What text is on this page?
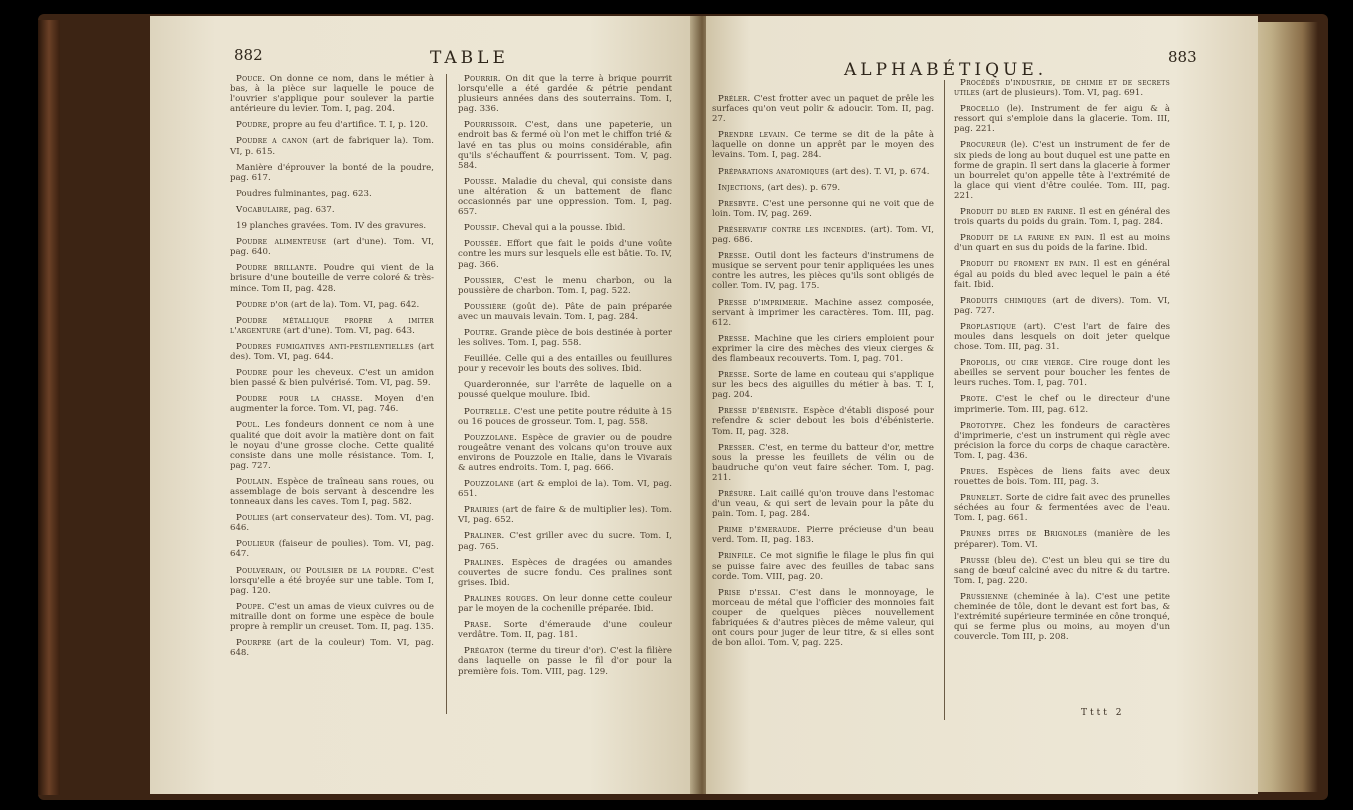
882	TABLE

Pouce. On donne ce nom, dans le métier à bas, à la pièce sur laquelle le pouce de l'ouvrier s'applique pour soulever la partie antérieure du levier. Tom. I, pag. 204.

Poudre, propre au feu d'artifice. T. I, p. 120.

Poudre a canon (art de fabriquer la). Tom. VI, p. 615.

Manière d'éprouver la bonté de la poudre, pag. 617.

Poudres fulminantes, pag. 623.

Vocabulaire, pag. 637.

19 planches gravées. Tom. IV des gravures.

Poudre alimenteuse (art d'une). Tom. VI, pag. 640.

Poudre brillante. Poudre qui vient de la brisure d'une bouteille de verre coloré & très-mince. Tom II, pag. 428.

Poudre d'or (art de la). Tom. VI, pag. 642.

Poudre métallique propre a imiter l'argenture (art d'une). Tom. VI, pag. 643.

Poudres fumigatives anti-pestilentielles (art des). Tom. VI, pag. 644.

Poudre pour les cheveux. C'est un amidon bien passé & bien pulvérisé. Tom. VI, pag. 59.

Poudre pour la chasse. Moyen d'en augmenter la force. Tom. VI, pag. 746.

Poul. Les fondeurs donnent ce nom à une qualité que doit avoir la matière dont on fait le noyau d'une grosse cloche. Cette qualité consiste dans une molle résistance. Tom. I, pag. 727.

Poulain. Espèce de traîneau sans roues, ou assemblage de bois servant à descendre les tonneaux dans les caves. Tom I, pag. 582.

Poulies (art conservateur des). Tom. VI, pag. 646.

Poulieur (faiseur de poulies). Tom. VI, pag. 647.

Poulverain, ou Poulsier de la poudre. C'est lorsqu'elle a été broyée sur une table. Tom I, pag. 120.

Poupe. C'est un amas de vieux cuivres ou de mitraille dont on forme une espèce de boule propre à remplir un creuset. Tom. II, pag. 135.

Pourpre (art de la couleur) Tom. VI, pag. 648.

Pourrir. On dit que la terre à brique pourrit lorsqu'elle a été gardée & pétrie pendant plusieurs années dans des souterrains. Tom. I, pag. 336.

Pourrissoir. C'est, dans une papeterie, un endroit bas & fermé où l'on met le chiffon trié & lavé en tas plus ou moins considérable, afin qu'ils s'échauffent & pourrissent. Tom. V, pag. 584.

Pousse. Maladie du cheval, qui consiste dans une altération & un battement de flanc occasionnés par une oppression. Tom. I, pag. 657.

Poussif. Cheval qui a la pousse. Ibid.

Poussée. Effort que fait le poids d'une voûte contre les murs sur lesquels elle est bâtie. To. IV, pag. 366.

Poussier, C'est le menu charbon, ou la poussière de charbon. Tom. I, pag. 522.

Poussière (goût de). Pâte de pain préparée avec un mauvais levain. Tom. I, pag. 284.

Poutre. Grande pièce de bois destinée à porter les solives. Tom. I, pag. 558.

Feuillée. Celle qui a des entailles ou feuillures pour y recevoir les bouts des solives. Ibid.

Quarderonnée, sur l'arrête de laquelle on a poussé quelque moulure. Ibid.

Poutrelle. C'est une petite poutre réduite à 15 ou 16 pouces de grosseur. Tom. I, pag. 558.

Pouzzolane. Espèce de gravier ou de poudre rougeâtre venant des volcans qu'on trouve aux environs de Pouzzole en Italie, dans le Vivarais & autres endroits. Tom. I, pag. 666.

Pouzzolane (art & emploi de la). Tom. VI, pag. 651.

Prairies (art de faire & de multiplier les). Tom. VI, pag. 652.

Praliner. C'est griller avec du sucre. Tom. I, pag. 765.

Pralines. Espèces de dragées ou amandes couvertes de sucre fondu. Ces pralines sont grises. Ibid.

Pralines rouges. On leur donne cette couleur par le moyen de la cochenille préparée. Ibid.

Prase. Sorte d'émeraude d'une couleur verdâtre. Tom. II, pag. 181.

Prégaton (terme du tireur d'or). C'est la filière dans laquelle on passe le fil d'or pour la première fois. Tom. VIII, pag. 129.

ALPHABÉTIQUE.
883

Préler. C'est frotter avec un paquet de prêle les surfaces qu'on veut polir & adoucir. Tom. II, pag. 27.

Prendre levain. Ce terme se dit de la pâte à laquelle on donne un apprêt par le moyen des levains. Tom. I, pag. 284.

Préparations anatomiques (art des). T. VI, p. 674.

Injections, (art des). p. 679.

Presbyte. C'est une personne qui ne voit que de loin. Tom. IV, pag. 269.

Préservatif contre les incendies. (art). Tom. VI, pag. 686.

Presse. Outil dont les facteurs d'instrumens de musique se servent pour tenir appliquées les unes contre les autres, les pièces qu'ils sont obligés de coller. Tom. IV, pag. 175.

Presse d'imprimerie. Machine assez composée, servant à imprimer les caractères. Tom. III, pag. 612.

Presse. Machine que les ciriers emploient pour exprimer la cire des mèches des vieux cierges & des flambeaux recouverts. Tom. I, pag. 701.

Presse. Sorte de lame en couteau qui s'applique sur les becs des aiguilles du métier à bas. T. I, pag. 204.

Presse d'ébéniste. Espèce d'établi disposé pour refendre & scier debout les bois d'ébénisterie. Tom. II, pag. 328.

Presser. C'est, en terme du batteur d'or, mettre sous la presse les feuillets de vélin ou de baudruche qu'on veut faire sécher. Tom. I, pag. 211.

Présure. Lait caillé qu'on trouve dans l'estomac d'un veau, & qui sert de levain pour la pâte du pain. Tom. I, pag. 284.

Prime d'émeraude. Pierre précieuse d'un beau verd. Tom. II, pag. 183.

Prinfile. Ce mot signifie le filage le plus fin qui se puisse faire avec des feuilles de tabac sans corde. Tom. VIII, pag. 20.

Prise d'essai. C'est dans le monnoyage, le morceau de métal que l'officier des monnoies fait couper de quelques pièces nouvellement fabriquées & d'autres pièces de même valeur, qui ont cours pour juger de leur titre, & si elles sont de bon alloi. Tom. V, pag. 225.

Procédés d'industrie, de chimie et de secrets utiles (art de plusieurs). Tom. VI, pag. 691.

Procello (le). Instrument de fer aigu & à ressort qui s'emploie dans la glacerie. Tom. III, pag. 221.

Procureur (le). C'est un instrument de fer de six pieds de long au bout duquel est une patte en forme de grapin. Il sert dans la glacerie à former un bourrelet qu'on appelle tête à l'extrémité de la glace qui vient d'être coulée. Tom. III, pag. 221.

Produit du bled en farine. Il est en général des trois quarts du poids du grain. Tom. I, pag. 284.

Produit de la farine en pain. Il est au moins d'un quart en sus du poids de la farine. Ibid.

Produit du froment en pain. Il est en général égal au poids du bled avec lequel le pain a été fait. Ibid.

Produits chimiques (art de divers). Tom. VI, pag. 727.

Proplastique (art). C'est l'art de faire des moules dans lesquels on doit jeter quelque chose. Tom. III, pag. 31.

Propolis, ou cire vierge. Cire rouge dont les abeilles se servent pour boucher les fentes de leurs ruches. Tom. I, pag. 701.

Prote. C'est le chef ou le directeur d'une imprimerie. Tom. III, pag. 612.

Prototype. Chez les fondeurs de caractères d'imprimerie, c'est un instrument qui règle avec précision la force du corps de chaque caractère. Tom. I, pag. 436.

Prues. Espèces de liens faits avec deux rouettes de bois. Tom. III, pag. 3.

Prunelet. Sorte de cidre fait avec des prunelles séchées au four & fermentées avec de l'eau. Tom. I, pag. 661.

Prunes dites de Brignoles (manière de les préparer). Tom. VI.

Prusse (bleu de). C'est un bleu qui se tire du sang de bœuf calciné avec du nitre & du tartre. Tom. I, pag. 220.

Prussienne (cheminée à la). C'est une petite cheminée de tôle, dont le devant est fort bas, & l'extrémité supérieure terminée en cône tronqué, qui se ferme plus ou moins, au moyen d'un couvercle. Tom III, p. 208.

Tttt 2
